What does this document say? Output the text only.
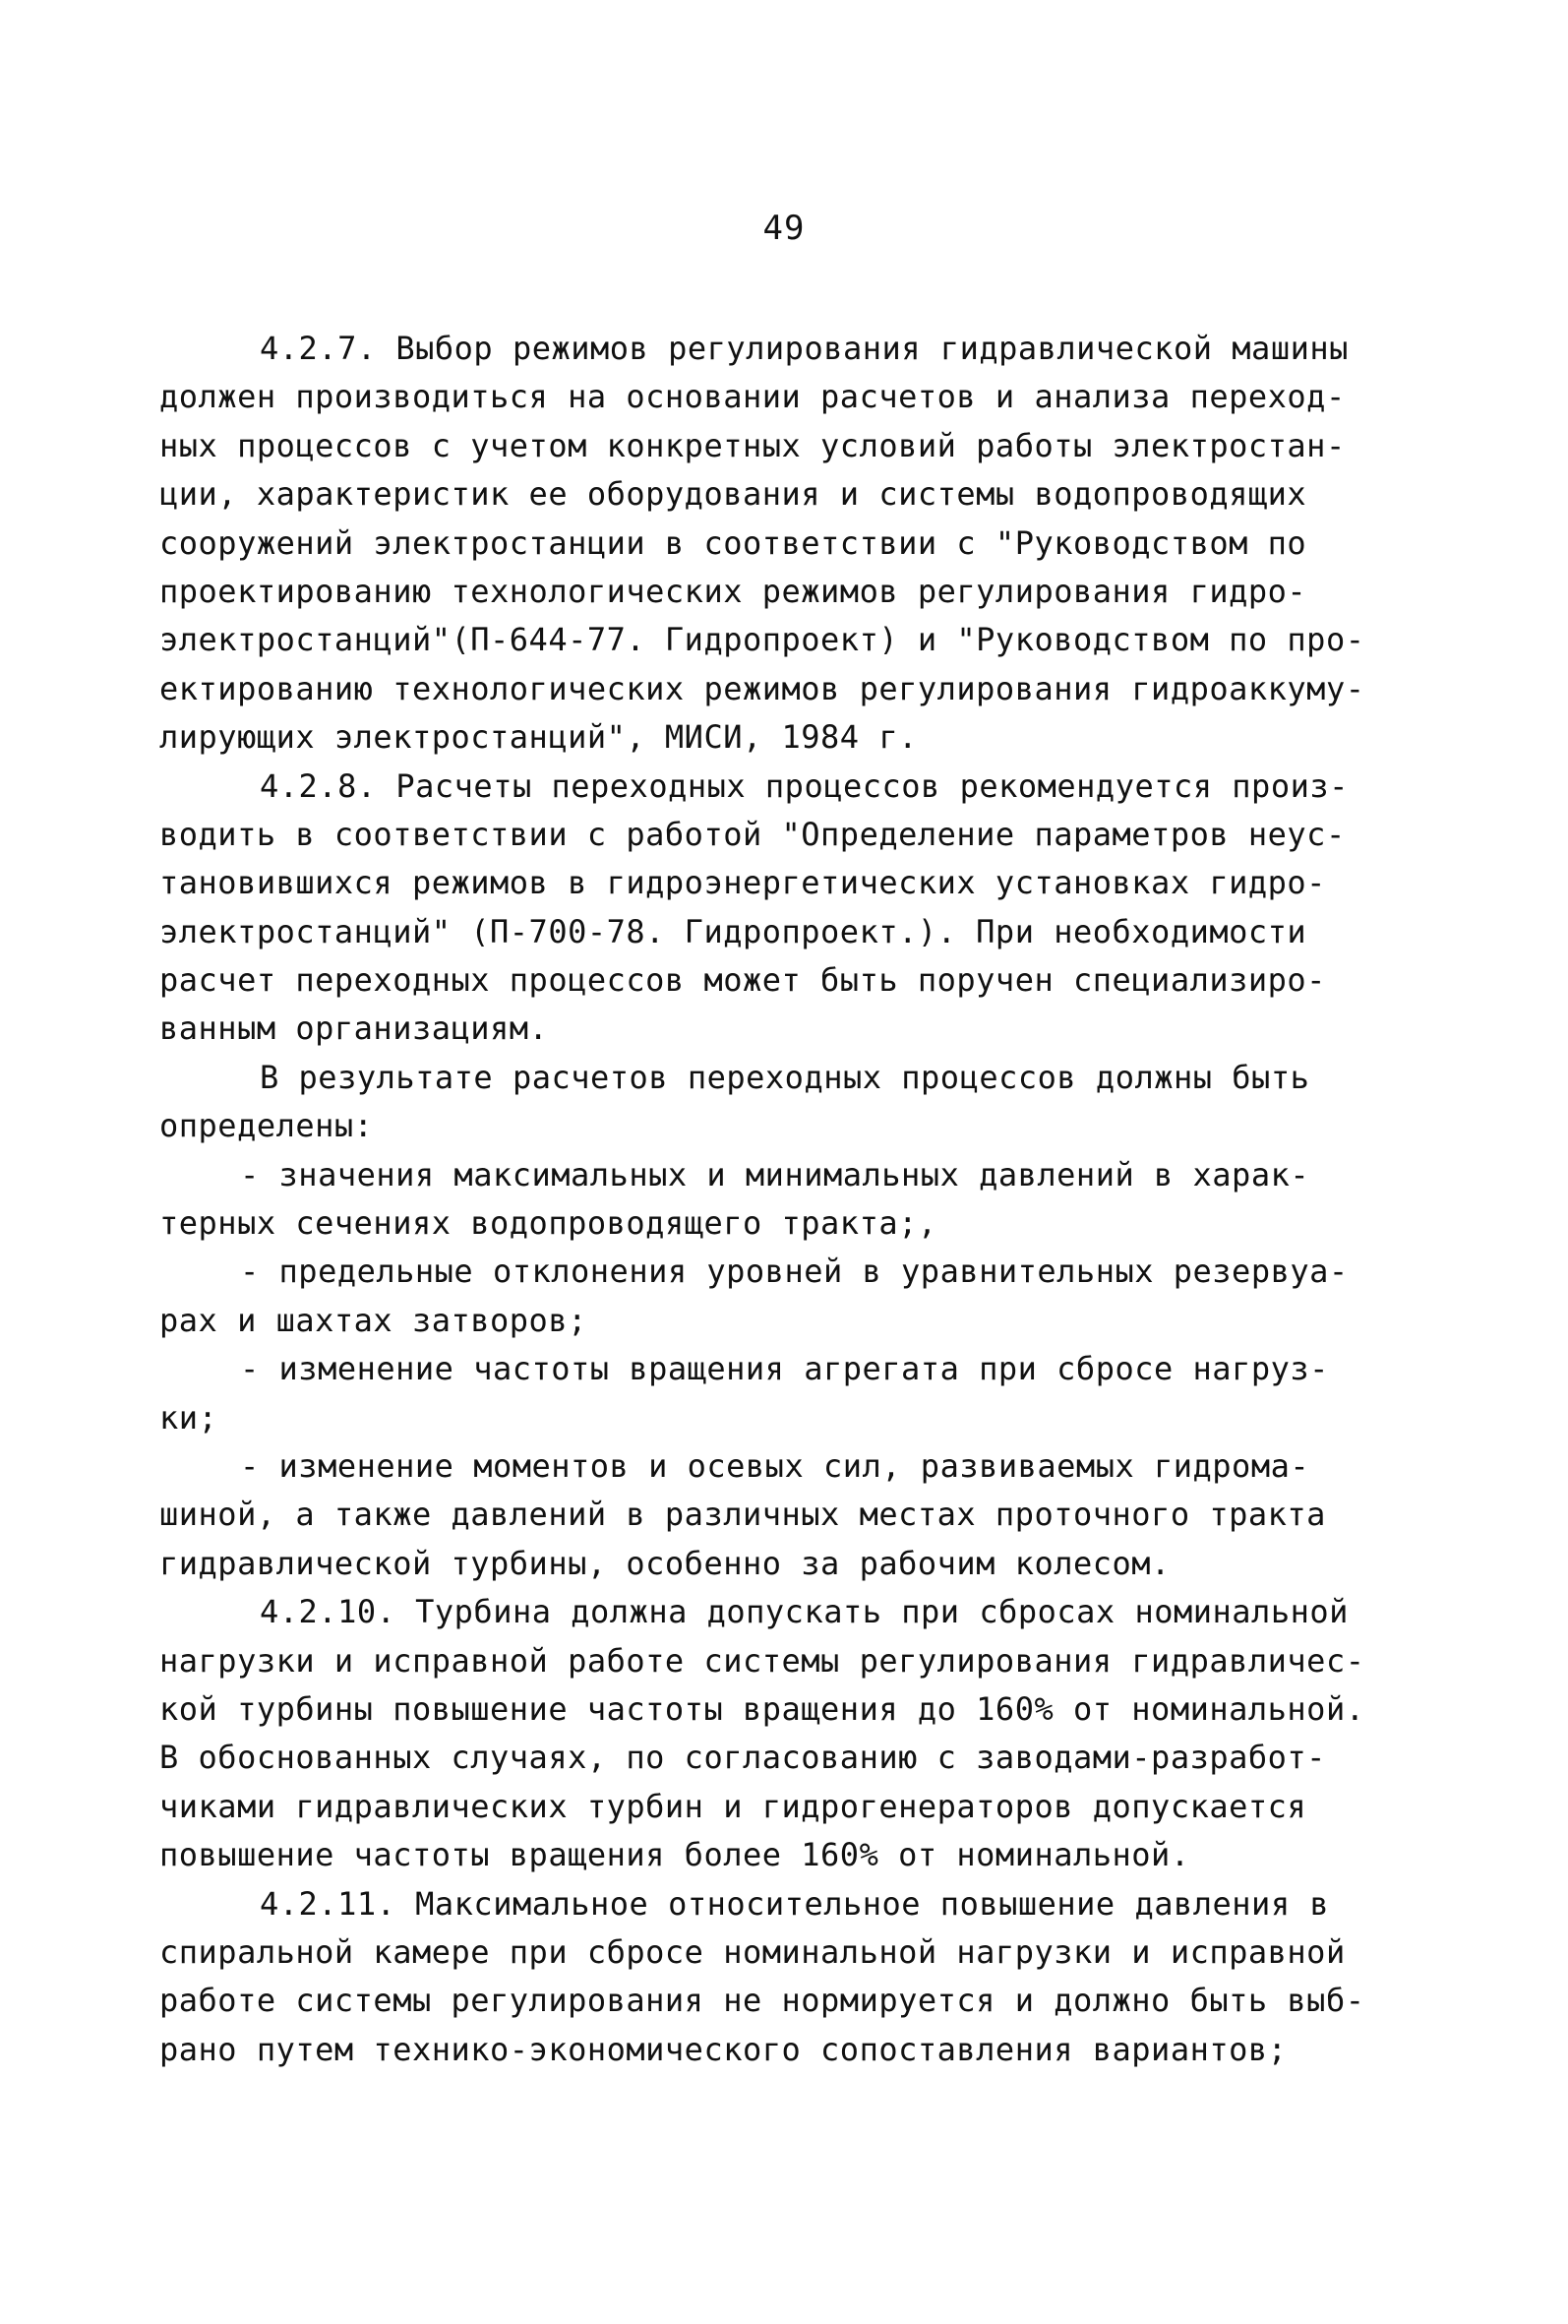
49
4.2.7. Выбор режимов регулирования гидравлической машины
должен производиться на основании расчетов и анализа переход-
ных процессов с учетом конкретных условий работы электростан-
ции, характеристик ее оборудования и системы водопроводящих
сооружений электростанции в соответствии с "Руководством по
проектированию технологических режимов регулирования гидро-
электростанций"(П-644-77. Гидропроект) и "Руководством по про-
ектированию технологических режимов регулирования гидроаккуму-
лирующих электростанций", МИСИ, 1984 г.
4.2.8. Расчеты переходных процессов рекомендуется произ-
водить в соответствии с работой "Определение параметров неус-
тановившихся режимов в гидроэнергетических установках гидро-
электростанций" (П-700-78. Гидропроект.). При необходимости
расчет переходных процессов может быть поручен специализиро-
ванным организациям.
В результате расчетов переходных процессов должны быть
определены:
- значения максимальных и минимальных давлений в харак-
терных сечениях водопроводящего тракта;,
- предельные отклонения уровней в уравнительных резервуа-
рах и шахтах затворов;
- изменение частоты вращения агрегата при сбросе нагруз-
ки;
- изменение моментов и осевых сил, развиваемых гидрома-
шиной, а также давлений в различных местах проточного тракта
гидравлической турбины, особенно за рабочим колесом.
4.2.10. Турбина должна допускать при сбросах номинальной
нагрузки и исправной работе системы регулирования гидравличес-
кой турбины повышение частоты вращения до 160% от номинальной.
В обоснованных случаях, по согласованию с заводами-разработ-
чиками гидравлических турбин и гидрогенераторов допускается
повышение частоты вращения более 160% от номинальной.
4.2.11. Максимальное относительное повышение давления в
спиральной камере при сбросе номинальной нагрузки и исправной
работе системы регулирования не нормируется и должно быть выб-
рано путем технико-экономического сопоставления вариантов;
